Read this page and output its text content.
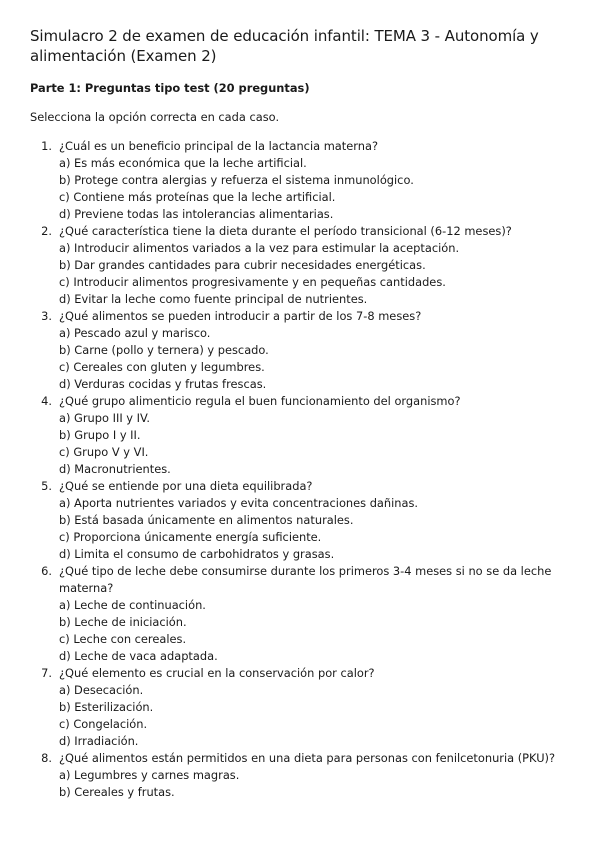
Simulacro 2 de examen de educación infantil: TEMA 3 - Autonomía y alimentación (Examen 2)
Parte 1: Preguntas tipo test (20 preguntas)
Selecciona la opción correcta en cada caso.
1. ¿Cuál es un beneficio principal de la lactancia materna?
a) Es más económica que la leche artificial.
b) Protege contra alergias y refuerza el sistema inmunológico.
c) Contiene más proteínas que la leche artificial.
d) Previene todas las intolerancias alimentarias.
2. ¿Qué característica tiene la dieta durante el período transicional (6-12 meses)?
a) Introducir alimentos variados a la vez para estimular la aceptación.
b) Dar grandes cantidades para cubrir necesidades energéticas.
c) Introducir alimentos progresivamente y en pequeñas cantidades.
d) Evitar la leche como fuente principal de nutrientes.
3. ¿Qué alimentos se pueden introducir a partir de los 7-8 meses?
a) Pescado azul y marisco.
b) Carne (pollo y ternera) y pescado.
c) Cereales con gluten y legumbres.
d) Verduras cocidas y frutas frescas.
4. ¿Qué grupo alimenticio regula el buen funcionamiento del organismo?
a) Grupo III y IV.
b) Grupo I y II.
c) Grupo V y VI.
d) Macronutrientes.
5. ¿Qué se entiende por una dieta equilibrada?
a) Aporta nutrientes variados y evita concentraciones dañinas.
b) Está basada únicamente en alimentos naturales.
c) Proporciona únicamente energía suficiente.
d) Limita el consumo de carbohidratos y grasas.
6. ¿Qué tipo de leche debe consumirse durante los primeros 3-4 meses si no se da leche materna?
a) Leche de continuación.
b) Leche de iniciación.
c) Leche con cereales.
d) Leche de vaca adaptada.
7. ¿Qué elemento es crucial en la conservación por calor?
a) Desecación.
b) Esterilización.
c) Congelación.
d) Irradiación.
8. ¿Qué alimentos están permitidos en una dieta para personas con fenilcetonuria (PKU)?
a) Legumbres y carnes magras.
b) Cereales y frutas.
